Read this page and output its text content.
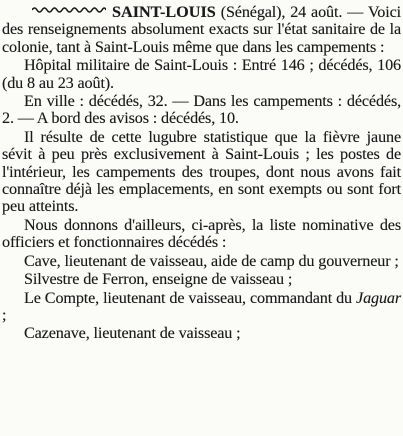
SAINT-LOUIS (Sénégal), 24 août. — Voici des renseignements absolument exacts sur l'état sanitaire de la colonie, tant à Saint-Louis même que dans les campements :

Hôpital militaire de Saint-Louis : Entré 146 ; décédés, 106 (du 8 au 23 août).

En ville : décédés, 32. — Dans les campements : décédés, 2. — A bord des avisos : décédés, 10.

Il résulte de cette lugubre statistique que la fièvre jaune sévit à peu près exclusivement à Saint-Louis ; les postes de l'intérieur, les campements des troupes, dont nous avons fait connaître déjà les emplacements, en sont exempts ou sont fort peu atteints.

Nous donnons d'ailleurs, ci-après, la liste nominative des officiers et fonctionnaires décédés :

Cave, lieutenant de vaisseau, aide de camp du gouverneur ;

Silvestre de Ferron, enseigne de vaisseau ;

Le Compte, lieutenant de vaisseau, commandant du Jaguar ;

Cazenave, lieutenant de vaisseau ;
